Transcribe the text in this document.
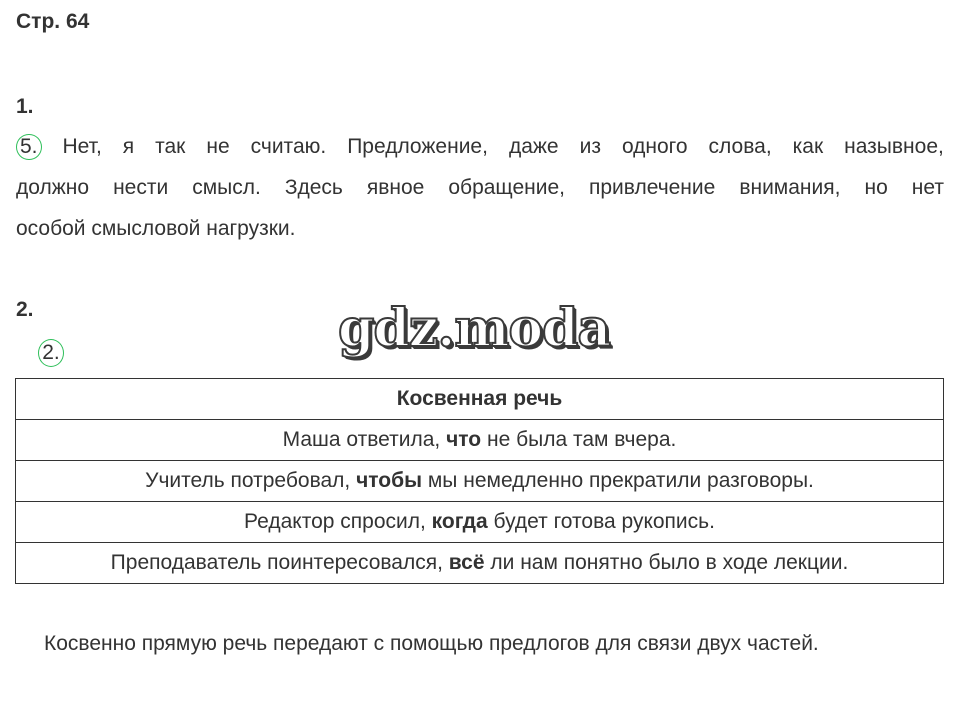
Стр. 64
1.
5. Нет, я так не считаю. Предложение, даже из одного слова, как назывное,
должно нести смысл. Здесь явное обращение, привлечение внимания, но нет
особой смысловой нагрузки.
2.	gdz.moda
2.
Косвенная речь
Маша ответила, что не была там вчера.
Учитель потребовал, чтобы мы немедленно прекратили разговоры.
Редактор спросил, когда будет готова рукопись.
Преподаватель поинтересовался, всё ли нам понятно было в ходе лекции.
Косвенно прямую речь передают с помощью предлогов для связи двух частей.
